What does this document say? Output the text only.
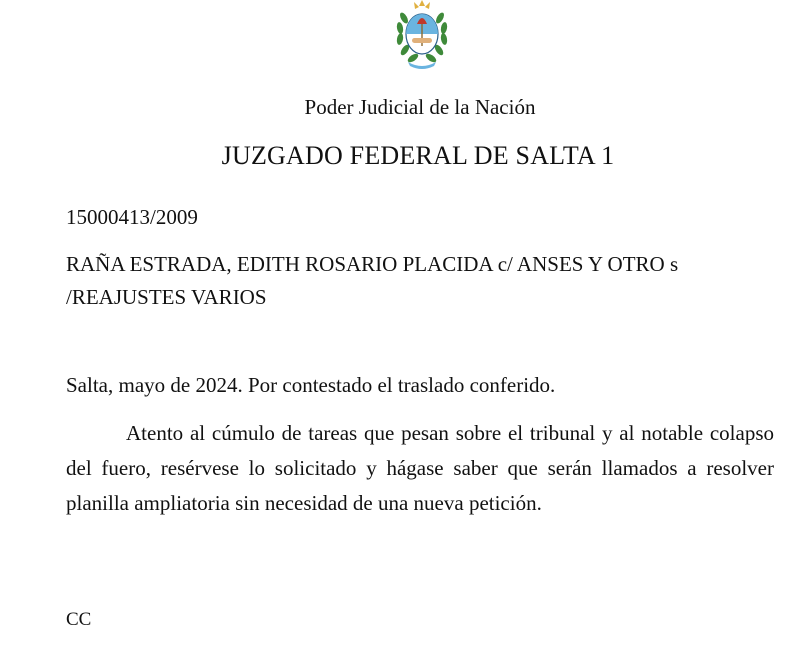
Poder Judicial de la Nación
JUZGADO FEDERAL DE SALTA 1
15000413/2009
RAÑA ESTRADA, EDITH ROSARIO PLACIDA c/ ANSES Y OTRO s /REAJUSTES VARIOS
Salta, mayo de 2024. Por contestado el traslado conferido.
Atento al cúmulo de tareas que pesan sobre el tribunal y al notable colapso del fuero, resérvese lo solicitado y hágase saber que serán llamados a resolver planilla ampliatoria sin necesidad de una nueva petición.
CC
